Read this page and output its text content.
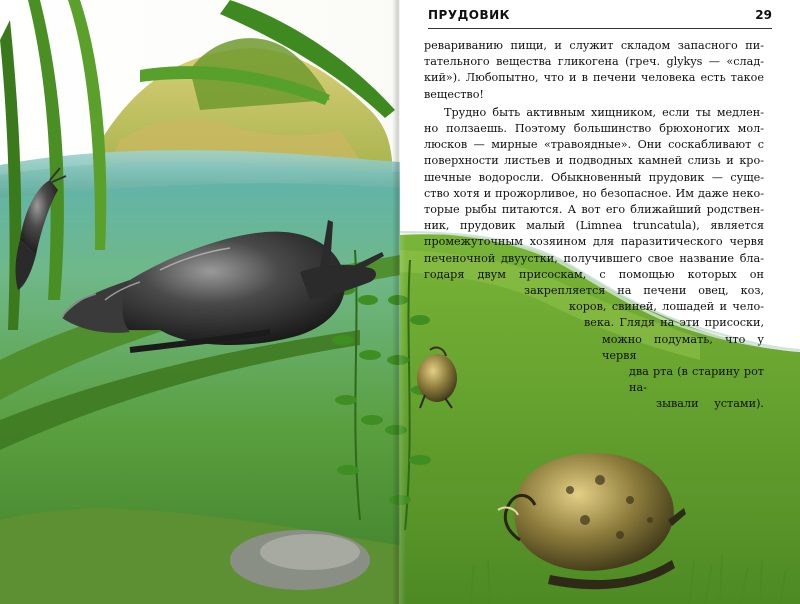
ПРУДОВИК	29
ревариванию пищи, и служит складом запасного пи-
тательного вещества гликогена (греч. glykys — «слад-
кий»). Любопытно, что и в печени человека есть такое
вещество!
Трудно быть активным хищником, если ты медлен-
но ползаешь. Поэтому большинство брюхоногих мол-
люсков — мирные «травоядные». Они соскабливают с
поверхности листьев и подводных камней слизь и кро-
шечные водоросли. Обыкновенный прудовик — суще-
ство хотя и прожорливое, но безопасное. Им даже неко-
торые рыбы питаются. А вот его ближайший родствен-
ник, прудовик малый (Limnea truncatula), является
промежуточным хозяином для паразитического червя
печеночной двуустки, получившего свое название бла-
годаря двум присоскам, с помощью которых он
закрепляется на печени овец, коз,
коров, свиней, лошадей и чело-
века. Глядя на эти присоски,
можно подумать, что у червя
два рта (в старину рот на-
зывали устами).
